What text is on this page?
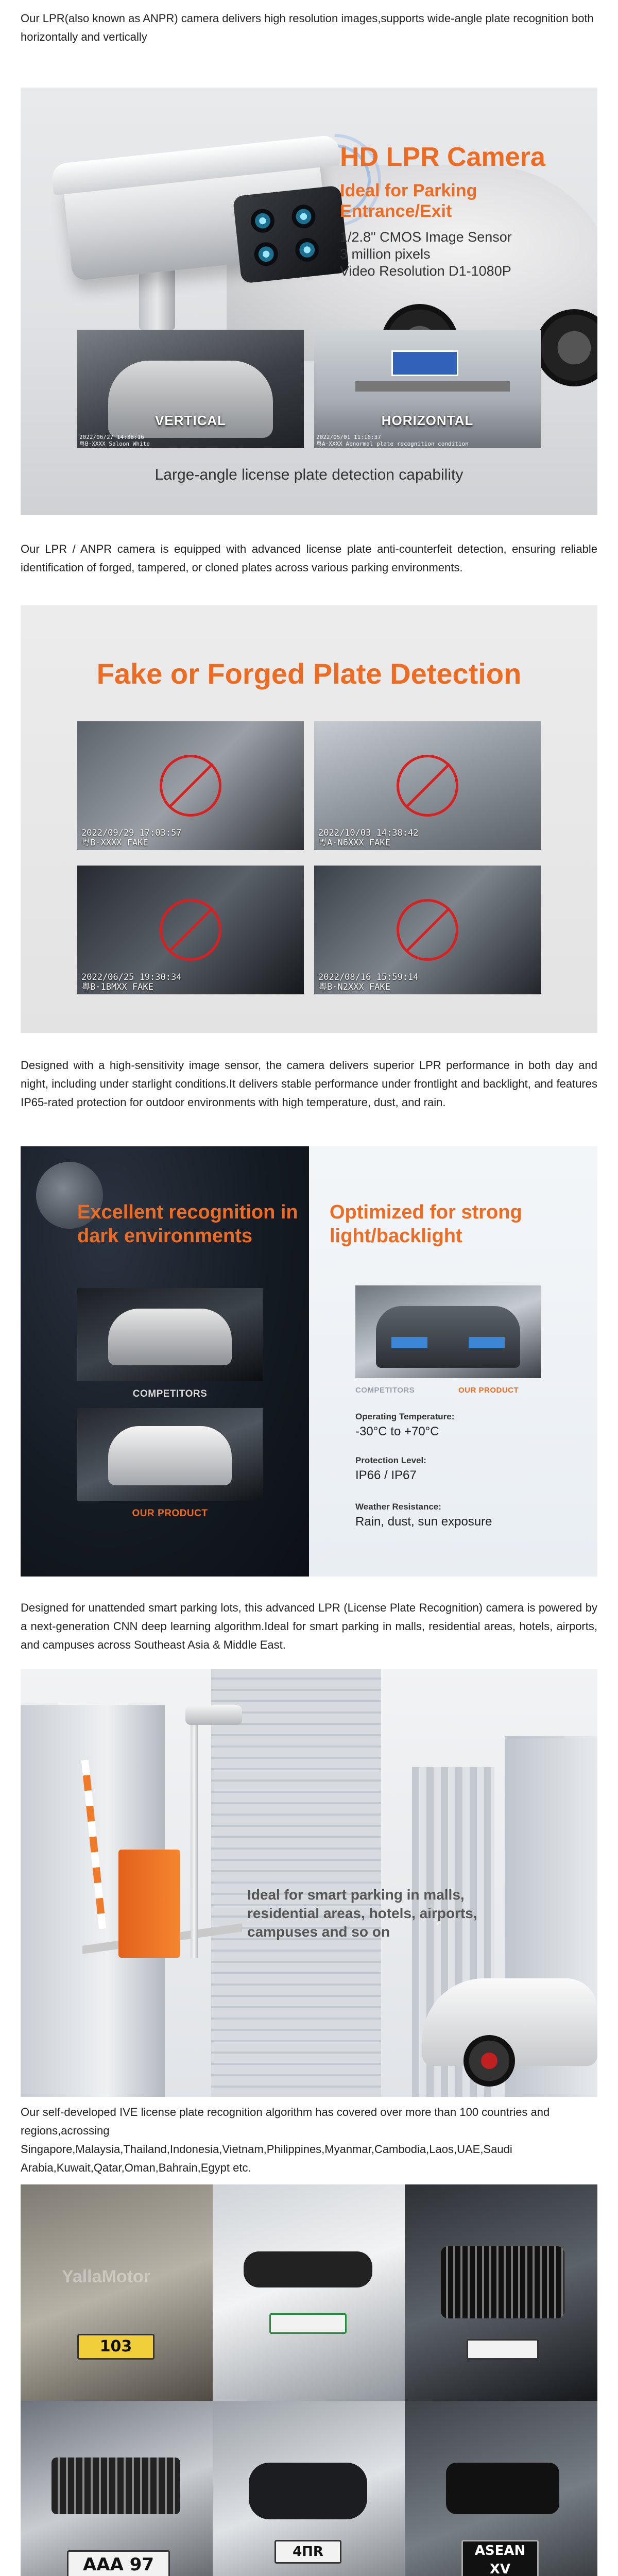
Our LPR(also known as ANPR) camera delivers high resolution images,supports wide-angle plate recognition both horizontally and vertically

HD LPR Camera
Ideal for Parking Entrance/Exit
1/2.8" CMOS Image Sensor
3 million pixels
Video Resolution D1-1080P
VERTICAL
2022/06/27 14:38:16
粤B·XXXX Saloon White
HORIZONTAL
2022/05/01 11:16:37
粤A·XXXX Abnormal plate recognition condition
Large-angle license plate detection capability

Our LPR / ANPR camera is equipped with advanced license plate anti-counterfeit detection, ensuring reliable identification of forged, tampered, or cloned plates across various parking environments.

Fake or Forged Plate Detection
2022/09/29 17:03:57
粤B·XXXX FAKE
2022/10/03 14:38:42
粤A·N6XXX FAKE
2022/06/25 19:30:34
粤B·1BMXX FAKE
2022/08/16 15:59:14
粤B·N2XXX FAKE

Designed with a high-sensitivity image sensor, the camera delivers superior LPR performance in both day and night, including under starlight conditions.It delivers stable performance under frontlight and backlight, and features IP65-rated protection for outdoor environments with high temperature, dust, and rain.

Excellent recognition in dark environments
COMPETITORS
OUR PRODUCT
Optimized for strong light/backlight
COMPETITORS	OUR PRODUCT
Operating Temperature:
-30°C to +70°C
Protection Level:
IP66 / IP67
Weather Resistance:
Rain, dust, sun exposure

Designed for unattended smart parking lots, this advanced LPR (License Plate Recognition) camera is powered by a next-generation CNN deep learning algorithm.Ideal for smart parking in malls, residential areas, hotels, airports, and campuses across Southeast Asia & Middle East.

Ideal for smart parking in malls, residential areas, hotels, airports, campuses and so on

Our self-developed IVE license plate recognition algorithm has covered over more than 100 countries and regions,acrossing
Singapore,Malaysia,Thailand,Indonesia,Vietnam,Philippines,Myanmar,Cambodia,Laos,UAE,Saudi Arabia,Kuwait,Qatar,Oman,Bahrain,Egypt etc.

YallaMotor
103
AAA 97
4ПR	ASEAN XV
